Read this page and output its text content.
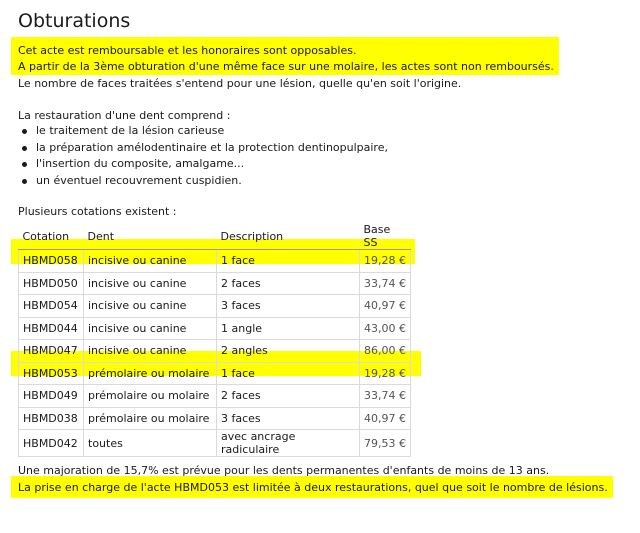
Obturations
Cet acte est remboursable et les honoraires sont opposables.
A partir de la 3ème obturation d'une même face sur une molaire, les actes sont non remboursés.
Le nombre de faces traitées s'entend pour une lésion, quelle qu'en soit l'origine.
La restauration d'une dent comprend :
le traitement de la lésion carieuse
la préparation amélodentinaire et la protection dentinopulpaire,
l'insertion du composite, amalgame...
un éventuel recouvrement cuspidien.
Plusieurs cotations existent :
Cotation	Dent	Description	Base SS
HBMD058	incisive ou canine	1 face	19,28 €
HBMD050	incisive ou canine	2 faces	33,74 €
HBMD054	incisive ou canine	3 faces	40,97 €
HBMD044	incisive ou canine	1 angle	43,00 €
HBMD047	incisive ou canine	2 angles	86,00 €
HBMD053	prémolaire ou molaire	1 face	19,28 €
HBMD049	prémolaire ou molaire	2 faces	33,74 €
HBMD038	prémolaire ou molaire	3 faces	40,97 €
HBMD042	toutes	avec ancrage radiculaire	79,53 €
Une majoration de 15,7% est prévue pour les dents permanentes d'enfants de moins de 13 ans.
La prise en charge de l'acte HBMD053 est limitée à deux restaurations, quel que soit le nombre de lésions.
